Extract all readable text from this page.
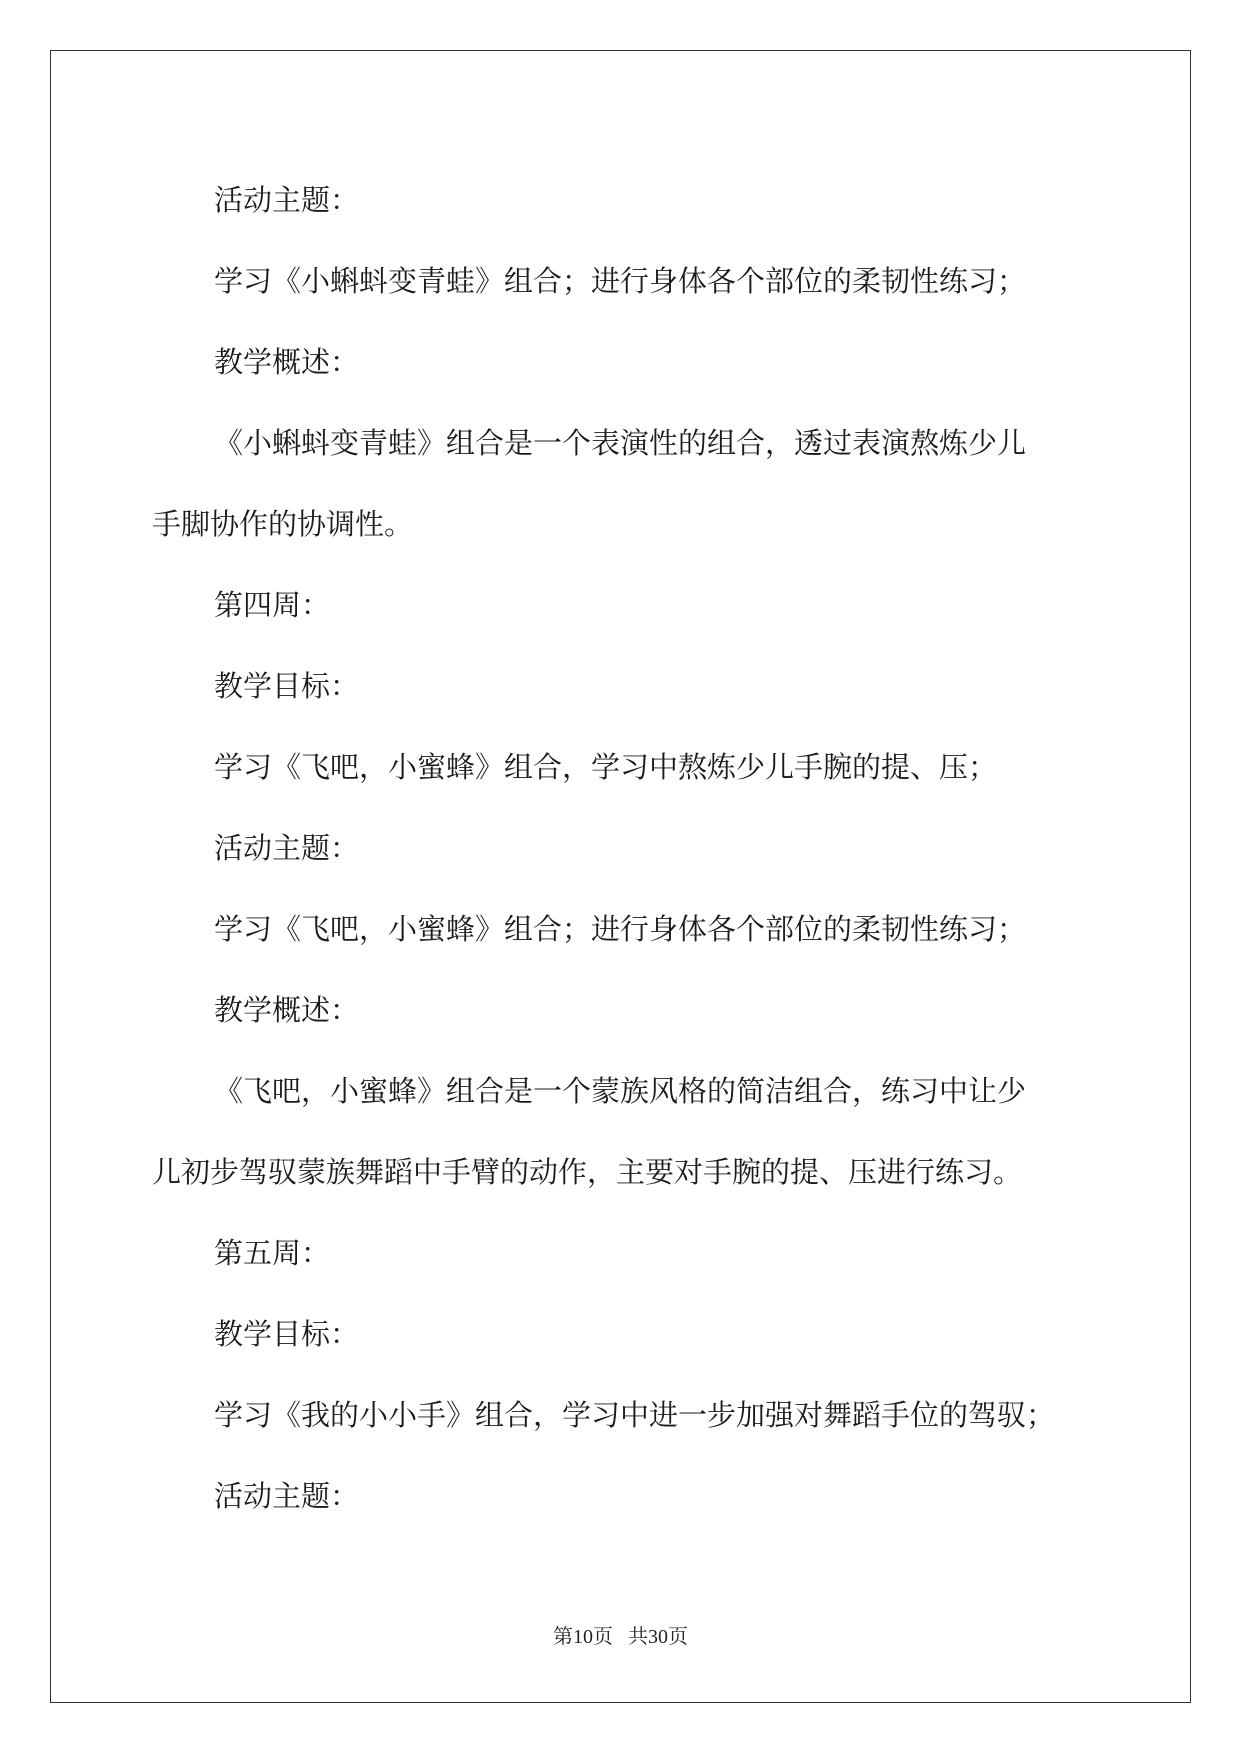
活动主题：

学习《小蝌蚪变青蛙》组合；进行身体各个部位的柔韧性练习；

教学概述：

《小蝌蚪变青蛙》组合是一个表演性的组合，透过表演熬炼少儿

手脚协作的协调性。

第四周：

教学目标：

学习《飞吧，小蜜蜂》组合，学习中熬炼少儿手腕的提、压；

活动主题：

学习《飞吧，小蜜蜂》组合；进行身体各个部位的柔韧性练习；

教学概述：

《飞吧，小蜜蜂》组合是一个蒙族风格的简洁组合，练习中让少

儿初步驾驭蒙族舞蹈中手臂的动作，主要对手腕的提、压进行练习。

第五周：

教学目标：

学习《我的小小手》组合，学习中进一步加强对舞蹈手位的驾驭；

活动主题：

第10页 共30页
